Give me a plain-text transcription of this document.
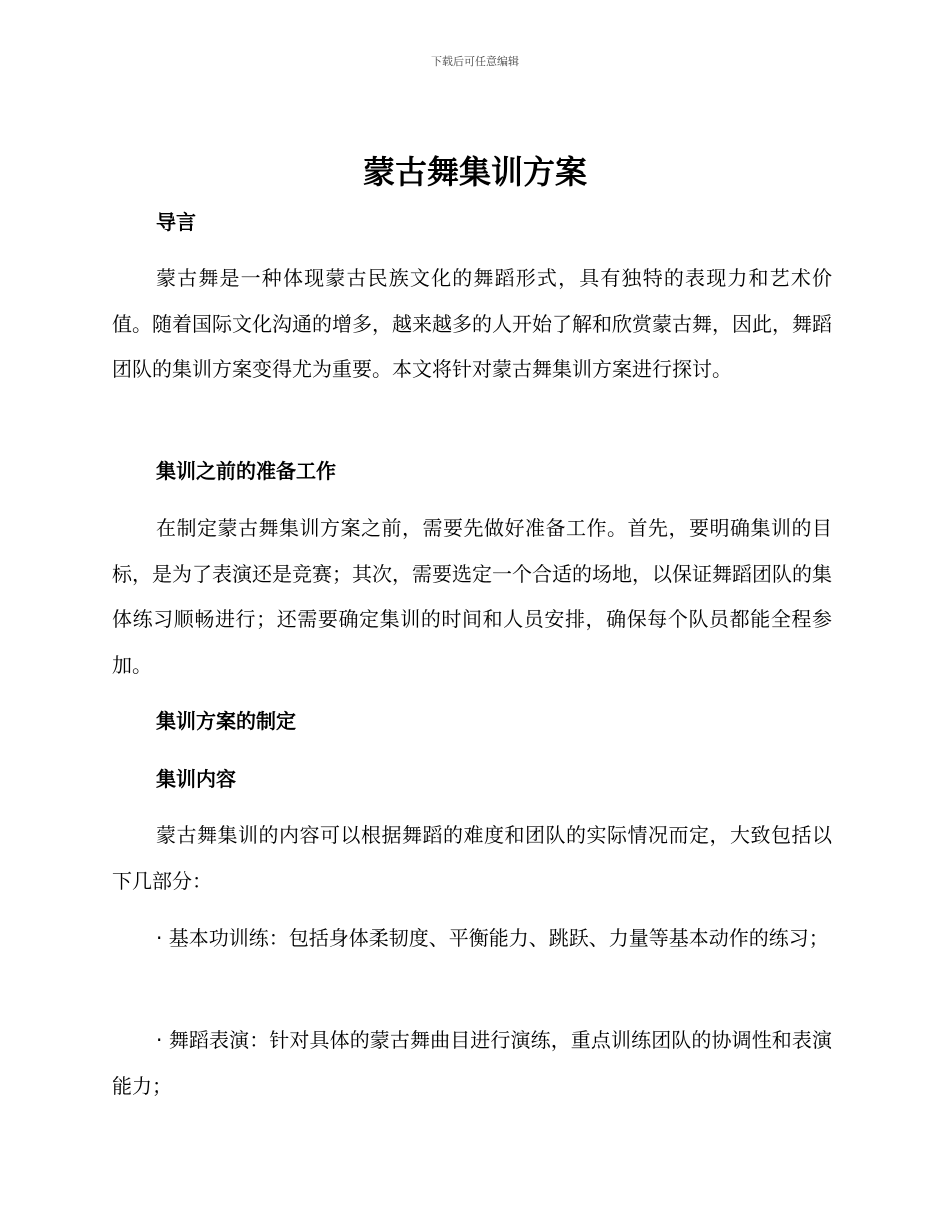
下载后可任意编辑
蒙古舞集训方案
导言

蒙古舞是一种体现蒙古民族文化的舞蹈形式，具有独特的表现力和艺术价值。随着国际文化沟通的增多，越来越多的人开始了解和欣赏蒙古舞，因此，舞蹈团队的集训方案变得尤为重要。本文将针对蒙古舞集训方案进行探讨。

集训之前的准备工作

在制定蒙古舞集训方案之前，需要先做好准备工作。首先，要明确集训的目标，是为了表演还是竞赛；其次，需要选定一个合适的场地，以保证舞蹈团队的集体练习顺畅进行；还需要确定集训的时间和人员安排，确保每个队员都能全程参加。

集训方案的制定
集训内容

蒙古舞集训的内容可以根据舞蹈的难度和团队的实际情况而定，大致包括以下几部分：

· 基本功训练：包括身体柔韧度、平衡能力、跳跃、力量等基本动作的练习；

· 舞蹈表演：针对具体的蒙古舞曲目进行演练，重点训练团队的协调性和表演能力；
